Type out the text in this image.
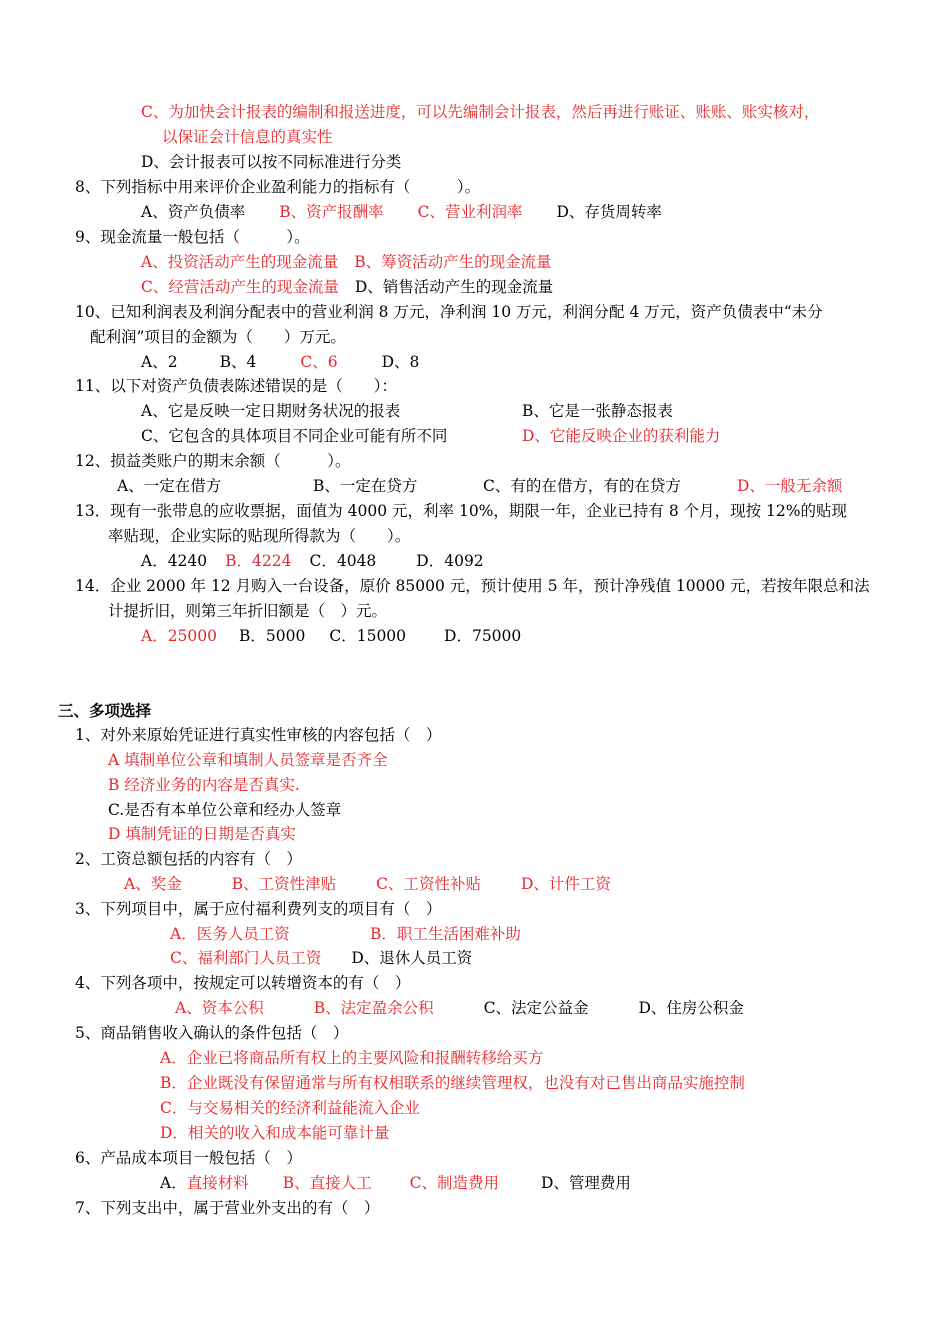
C、为加快会计报表的编制和报送进度，可以先编制会计报表，然后再进行账证、账账、账实核对，
以保证会计信息的真实性
D、会计报表可以按不同标准进行分类
8、下列指标中用来评价企业盈利能力的指标有（　　　）。
A、资产负债率 B、资产报酬率 C、营业利润率 D、存货周转率
9、现金流量一般包括（　　　）。
A、投资活动产生的现金流量 B、筹资活动产生的现金流量
C、经营活动产生的现金流量 D、销售活动产生的现金流量
10、已知利润表及利润分配表中的营业利润 8 万元，净利润 10 万元，利润分配 4 万元，资产负债表中“未分
配利润”项目的金额为（　　）万元。
A、2	B、4	C、6	D、8
11、以下对资产负债表陈述错误的是（　　）：
A、它是反映一定日期财务状况的报表	B、它是一张静态报表
C、它包含的具体项目不同企业可能有所不同	D、它能反映企业的获利能力
12、损益类账户的期末余额（　　　）。
A、一定在借方	B、一定在贷方	C、有的在借方，有的在贷方	D、一般无余额
13．现有一张带息的应收票据，面值为 4000 元，利率 10%，期限一年，企业已持有 8 个月，现按 12%的贴现
率贴现，企业实际的贴现所得款为（　　）。
A．4240 B．4224 C．4048	D．4092
14．企业 2000 年 12 月购入一台设备，原价 85000 元，预计使用 5 年，预计净残值 10000 元，若按年限总和法
计提折旧，则第三年折旧额是（　）元。
A．25000 B．5000 C．15000 D．75000
三、多项选择
1、对外来原始凭证进行真实性审核的内容包括（　）
A 填制单位公章和填制人员签章是否齐全
B 经济业务的内容是否真实.
C.是否有本单位公章和经办人签章
D 填制凭证的日期是否真实
2、工资总额包括的内容有（　）
A、奖金	B、工资性津贴	C、工资性补贴	D、计件工资
3、下列项目中，属于应付福利费列支的项目有（　）
A．医务人员工资	B．职工生活困难补助
C、福利部门人员工资 D、退休人员工资
4、下列各项中，按规定可以转增资本的有（　）
A、资本公积	B、法定盈余公积	C、法定公益金	D、住房公积金
5、商品销售收入确认的条件包括（　）
A．企业已将商品所有权上的主要风险和报酬转移给买方
B．企业既没有保留通常与所有权相联系的继续管理权，也没有对已售出商品实施控制
C．与交易相关的经济利益能流入企业
D．相关的收入和成本能可靠计量
6、产品成本项目一般包括（　）
A．直接材料 B、直接人工 C、制造费用	D、管理费用
7、下列支出中，属于营业外支出的有（　）
